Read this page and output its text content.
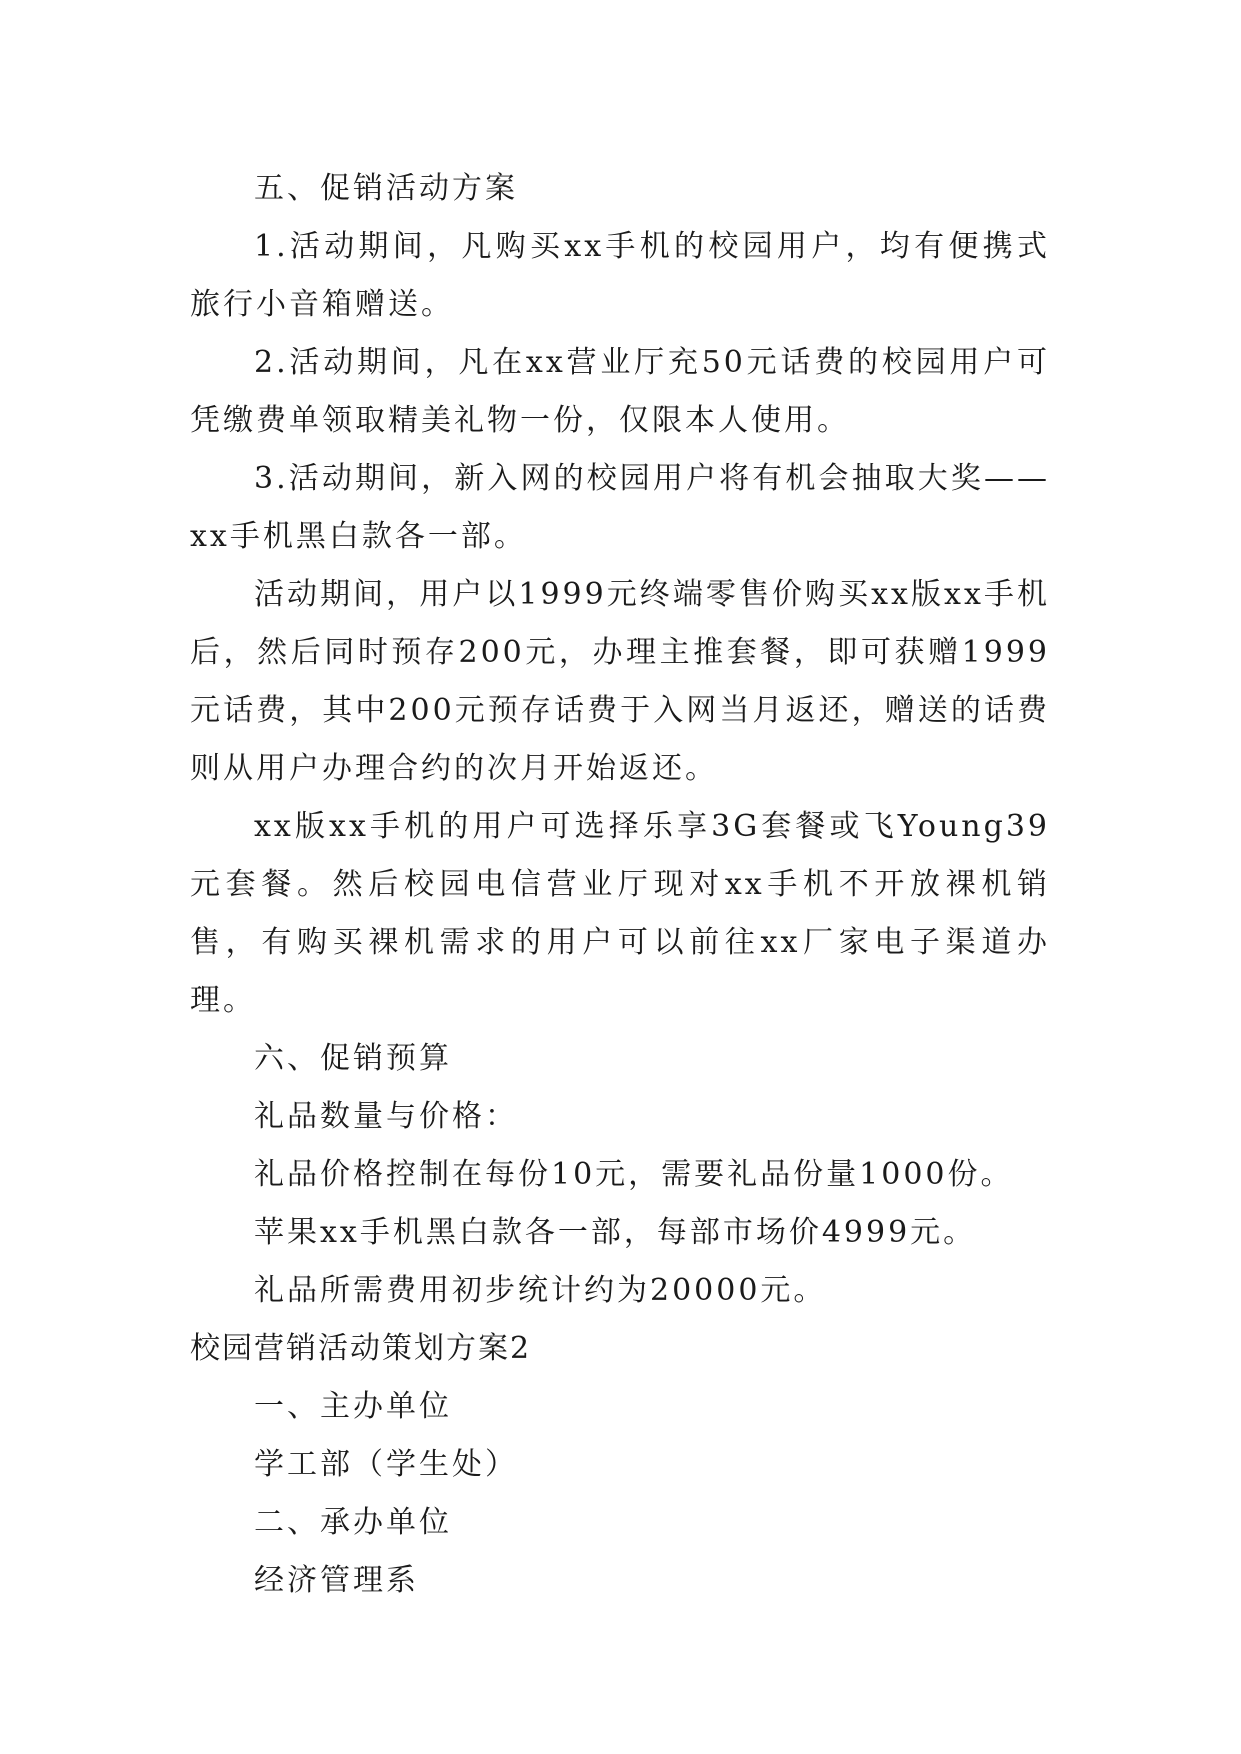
五、促销活动方案

1.活动期间，凡购买xx手机的校园用户，均有便携式旅行小音箱赠送。

2.活动期间，凡在xx营业厅充50元话费的校园用户可凭缴费单领取精美礼物一份，仅限本人使用。

3.活动期间，新入网的校园用户将有机会抽取大奖——xx手机黑白款各一部。

活动期间，用户以1999元终端零售价购买xx版xx手机后，然后同时预存200元，办理主推套餐，即可获赠1999元话费，其中200元预存话费于入网当月返还，赠送的话费则从用户办理合约的次月开始返还。

xx版xx手机的用户可选择乐享3G套餐或飞Young39元套餐。然后校园电信营业厅现对xx手机不开放裸机销售，有购买裸机需求的用户可以前往xx厂家电子渠道办理。

六、促销预算

礼品数量与价格：

礼品价格控制在每份10元，需要礼品份量1000份。

苹果xx手机黑白款各一部，每部市场价4999元。

礼品所需费用初步统计约为20000元。

校园营销活动策划方案2

一、主办单位

学工部（学生处）

二、承办单位

经济管理系
